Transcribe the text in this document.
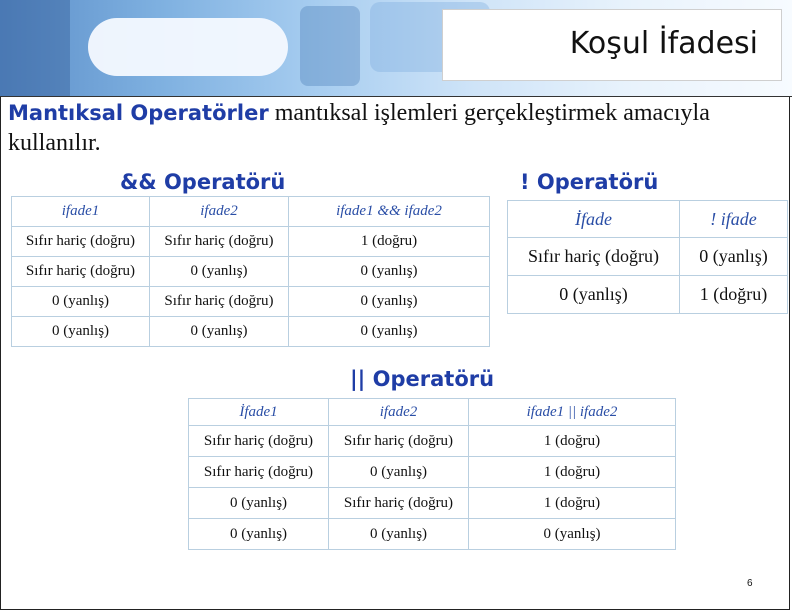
Koşul İfadesi
Mantıksal Operatörler mantıksal işlemleri gerçekleştirmek amacıyla kullanılır.
&& Operatörü
ifade1	ifade2	ifade1 && ifade2
Sıfır hariç (doğru)	Sıfır hariç (doğru)	1 (doğru)
Sıfır hariç (doğru)	0 (yanlış)	0 (yanlış)
0 (yanlış)	Sıfır hariç (doğru)	0 (yanlış)
0 (yanlış)	0 (yanlış)	0 (yanlış)
! Operatörü
İfade	! ifade
Sıfır hariç (doğru)	0 (yanlış)
0 (yanlış)	1 (doğru)
|| Operatörü
İfade1	ifade2	ifade1 || ifade2
Sıfır hariç (doğru)	Sıfır hariç (doğru)	1 (doğru)
Sıfır hariç (doğru)	0 (yanlış)	1 (doğru)
0 (yanlış)	Sıfır hariç (doğru)	1 (doğru)
0 (yanlış)	0 (yanlış)	0 (yanlış)
6
